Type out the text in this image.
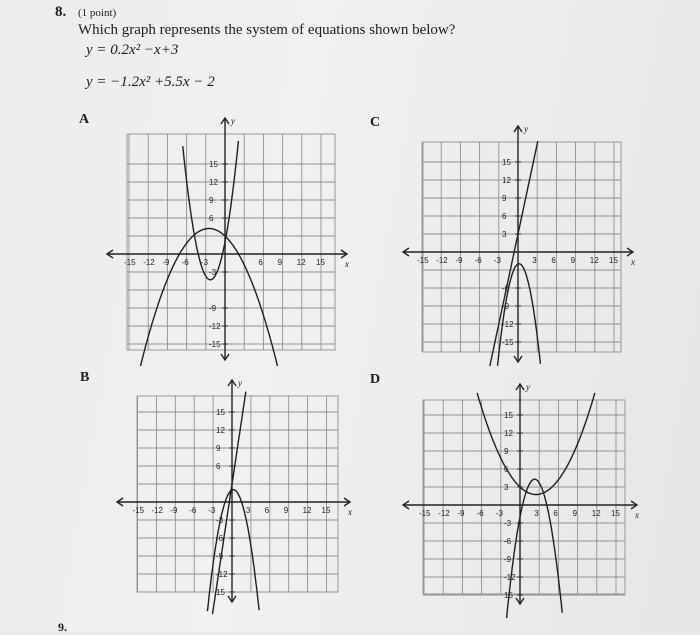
8. (1 point)
Which graph represents the system of equations shown below?
y = 0.2x² −x+3
y = −1.2x² +5.5x − 2
A	C
B	D
x
y
-15 -12 -9 -6 -3	6 9 12 15
15
12
9
6
-3
-9
-12
-15
x
y
-15 -12 -9 -6 -3	3 6 9 12 15
15
12
9
6
3
-6
-9
-12
-15
x
y
-15 -12 -9 -6 -3	3 6 9 12 15
15
12
9
6
-3
-6
-9
-12
15
x
y
-15 -12 -9 -6 -3	3 6 9 12 15
15
12
9
6
3
-3
-6
-9
-12
15
9.
